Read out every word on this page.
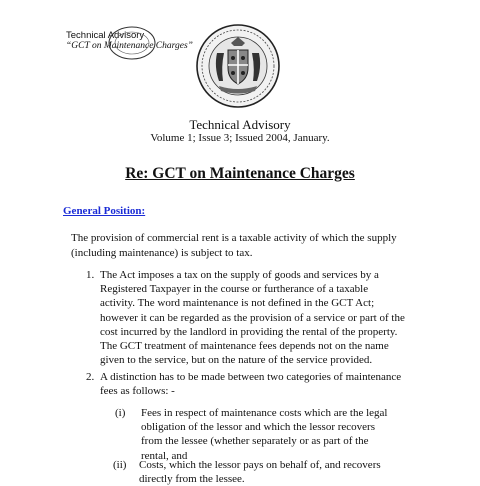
Technical Advisory
“GCT on Maintenance Charges”
Technical Advisory
Volume 1; Issue 3; Issued 2004, January.
Re: GCT on Maintenance Charges
General Position:
The provision of commercial rent is a taxable activity of which the supply (including maintenance) is subject to tax.
1. The Act imposes a tax on the supply of goods and services by a Registered Taxpayer in the course or furtherance of a taxable activity. The word maintenance is not defined in the GCT Act; however it can be regarded as the provision of a service or part of the cost incurred by the landlord in providing the rental of the property. The GCT treatment of maintenance fees depends not on the name given to the service, but on the nature of the service provided.
2. A distinction has to be made between two categories of maintenance fees as follows: -
(i) Fees in respect of maintenance costs which are the legal obligation of the lessor and which the lessor recovers from the lessee (whether separately or as part of the rental, and
(ii) Costs, which the lessor pays on behalf of, and recovers directly from the lessee.
